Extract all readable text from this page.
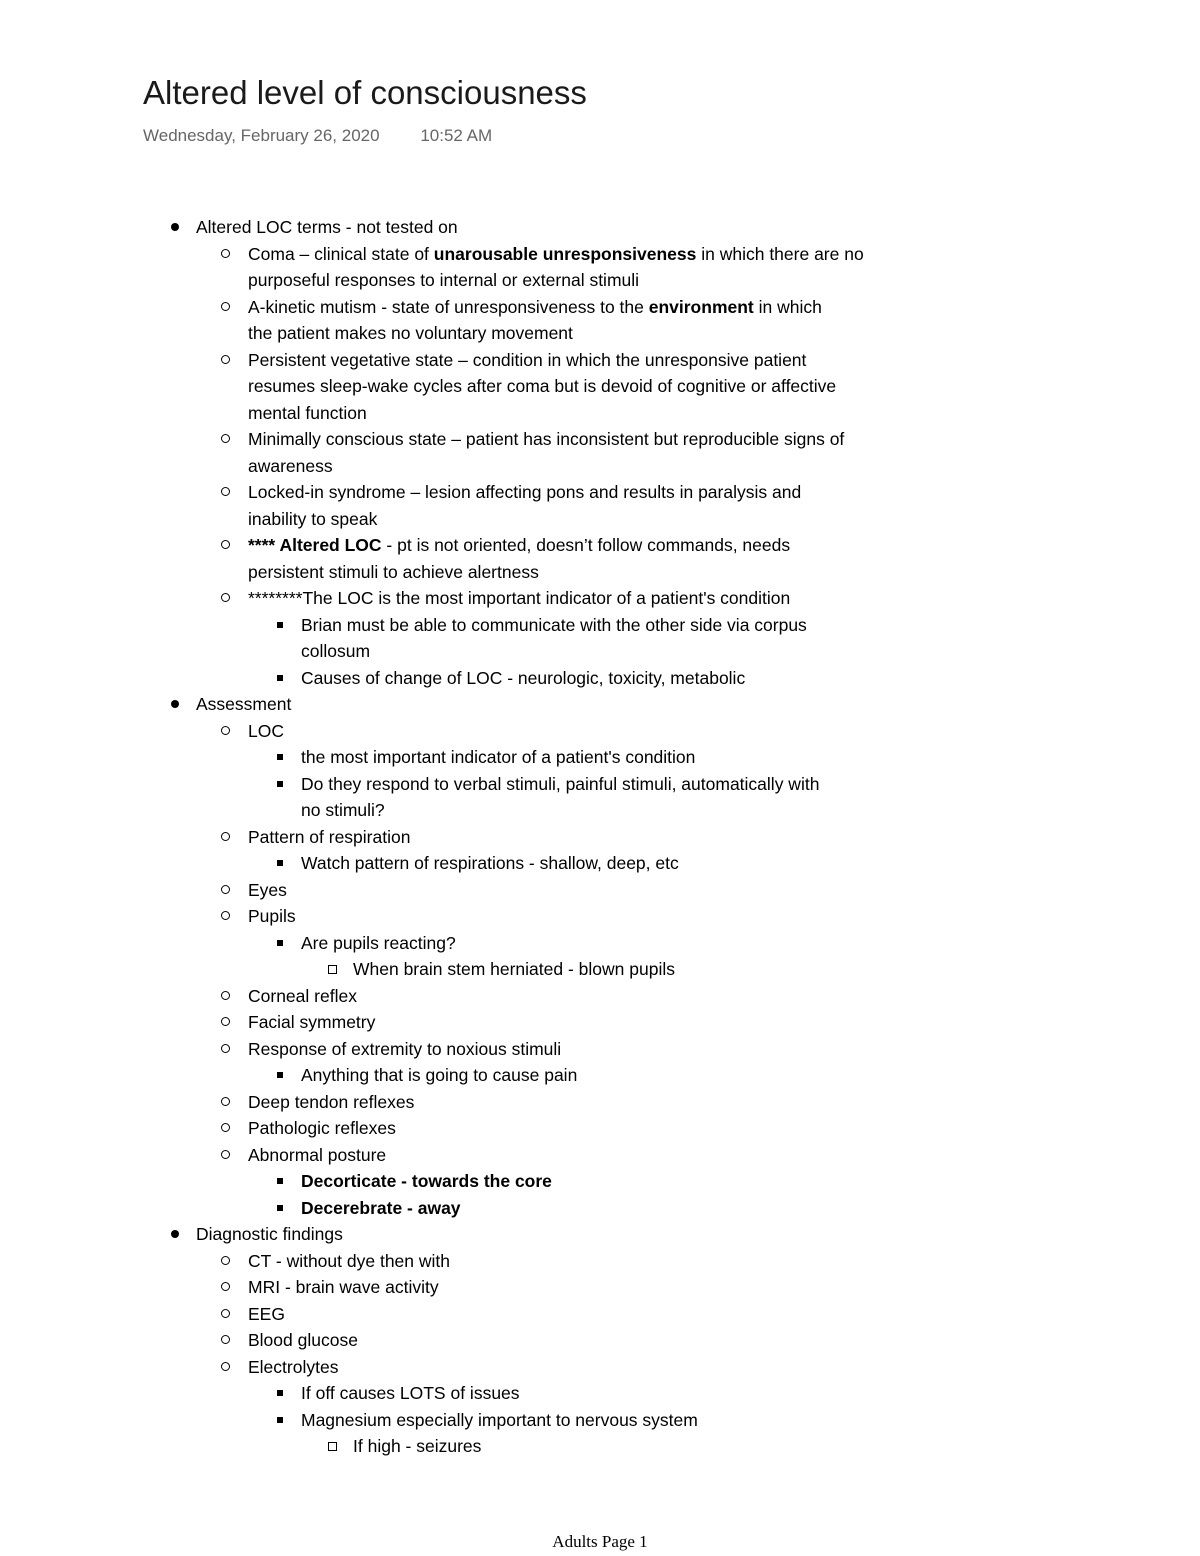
Altered level of consciousness
Wednesday, February 26, 2020 10:52 AM
Altered LOC terms - not tested on
Coma – clinical state of unarousable unresponsiveness in which there are no
purposeful responses to internal or external stimuli
A-kinetic mutism - state of unresponsiveness to the environment in which
the patient makes no voluntary movement
Persistent vegetative state – condition in which the unresponsive patient
resumes sleep-wake cycles after coma but is devoid of cognitive or affective
mental function
Minimally conscious state – patient has inconsistent but reproducible signs of
awareness
Locked-in syndrome – lesion affecting pons and results in paralysis and
inability to speak
**** Altered LOC - pt is not oriented, doesn’t follow commands, needs
persistent stimuli to achieve alertness
********The LOC is the most important indicator of a patient's condition
Brian must be able to communicate with the other side via corpus
collosum
Causes of change of LOC - neurologic, toxicity, metabolic
Assessment
LOC
the most important indicator of a patient's condition
Do they respond to verbal stimuli, painful stimuli, automatically with
no stimuli?
Pattern of respiration
Watch pattern of respirations - shallow, deep, etc
Eyes
Pupils
Are pupils reacting?
When brain stem herniated - blown pupils
Corneal reflex
Facial symmetry
Response of extremity to noxious stimuli
Anything that is going to cause pain
Deep tendon reflexes
Pathologic reflexes
Abnormal posture
Decorticate - towards the core
Decerebrate - away
Diagnostic findings
CT - without dye then with
MRI - brain wave activity
EEG
Blood glucose
Electrolytes
If off causes LOTS of issues
Magnesium especially important to nervous system
If high - seizures
Adults Page 1
